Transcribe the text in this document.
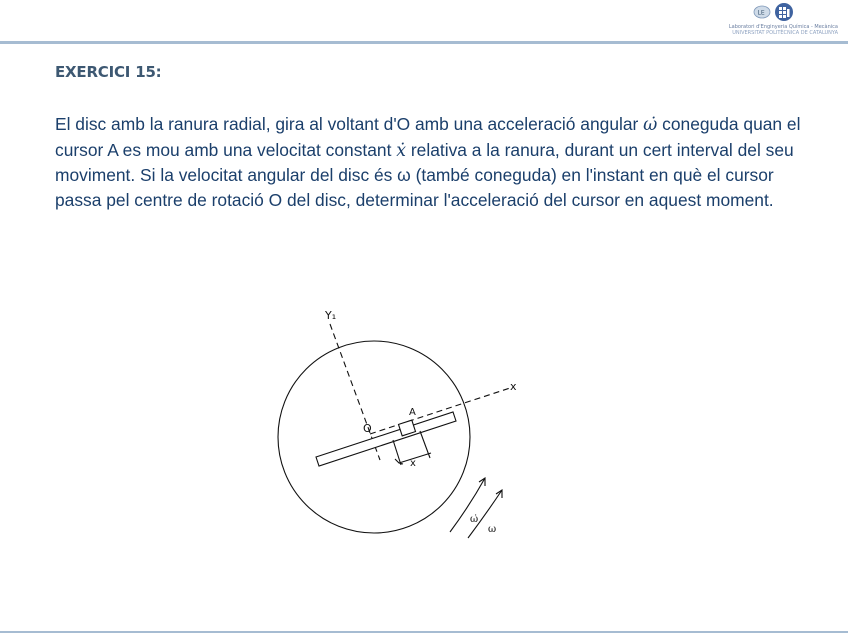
LE
Laboratori d'Enginyeria Química - Mecànica
UNIVERSITAT POLITÈCNICA DE CATALUNYA
EXERCICI 15:
El disc amb la ranura radial, gira al voltant d'O amb una acceleració angular ω̇ coneguda quan el cursor A es mou amb una velocitat constant ẋ relativa a la ranura, durant un cert interval del seu moviment. Si la velocitat angular del disc és ω (també coneguda) en l'instant en què el cursor passa pel centre de rotació O del disc, determinar l'acceleració del cursor en aquest moment.
Y₁
x
O
A
x
ω̇
ω
